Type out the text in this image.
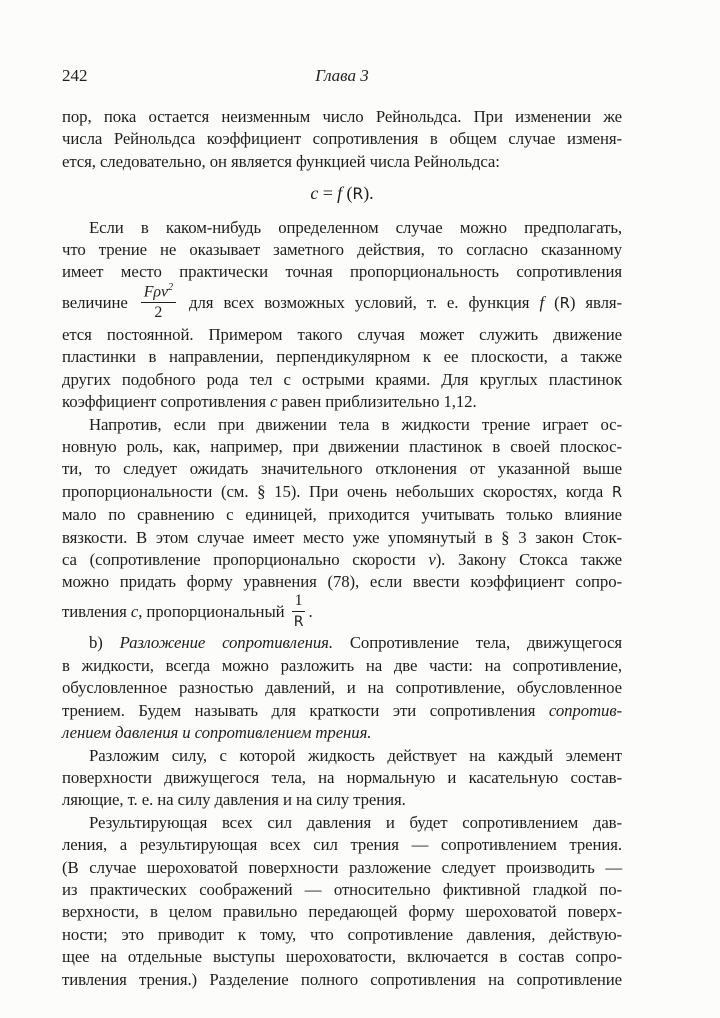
242	Глава 3
пор, пока остается неизменным число Рейнольдса. При изменении же
числа Рейнольдса коэффициент сопротивления в общем случае изменя-
ется, следовательно, он является функцией числа Рейнольдса:
c = f (R).
Если в каком-нибудь определенном случае можно предполагать,
что трение не оказывает заметного действия, то согласно сказанному
имеет место практически точная пропорциональность сопротивления
величине $\frac{F\rho v^2}{2}$ для всех возможных условий, т. е. функция f (R) явля-
ется постоянной. Примером такого случая может служить движение
пластинки в направлении, перпендикулярном к ее плоскости, а также
других подобного рода тел с острыми краями. Для круглых пластинок
коэффициент сопротивления c равен приблизительно 1,12.
Напротив, если при движении тела в жидкости трение играет ос-
новную роль, как, например, при движении пластинок в своей плоскос-
ти, то следует ожидать значительного отклонения от указанной выше
пропорциональности (см. § 15). При очень небольших скоростях, когда R
мало по сравнению с единицей, приходится учитывать только влияние
вязкости. В этом случае имеет место уже упомянутый в § 3 закон Сток-
са (сопротивление пропорционально скорости v). Закону Стокса также
можно придать форму уравнения (78), если ввести коэффициент сопро-
тивления c, пропорциональный $\frac{1}{R}$ .
b) Разложение сопротивления. Сопротивление тела, движущегося
в жидкости, всегда можно разложить на две части: на сопротивление,
обусловленное разностью давлений, и на сопротивление, обусловленное
трением. Будем называть для краткости эти сопротивления сопротив-
лением давления и сопротивлением трения.
Разложим силу, с которой жидкость действует на каждый элемент
поверхности движущегося тела, на нормальную и касательную состав-
ляющие, т. е. на силу давления и на силу трения.
Результирующая всех сил давления и будет сопротивлением дав-
ления, а результирующая всех сил трения — сопротивлением трения.
(В случае шероховатой поверхности разложение следует производить —
из практических соображений — относительно фиктивной гладкой по-
верхности, в целом правильно передающей форму шероховатой поверх-
ности; это приводит к тому, что сопротивление давления, действую-
щее на отдельные выступы шероховатости, включается в состав сопро-
тивления трения.) Разделение полного сопротивления на сопротивление
